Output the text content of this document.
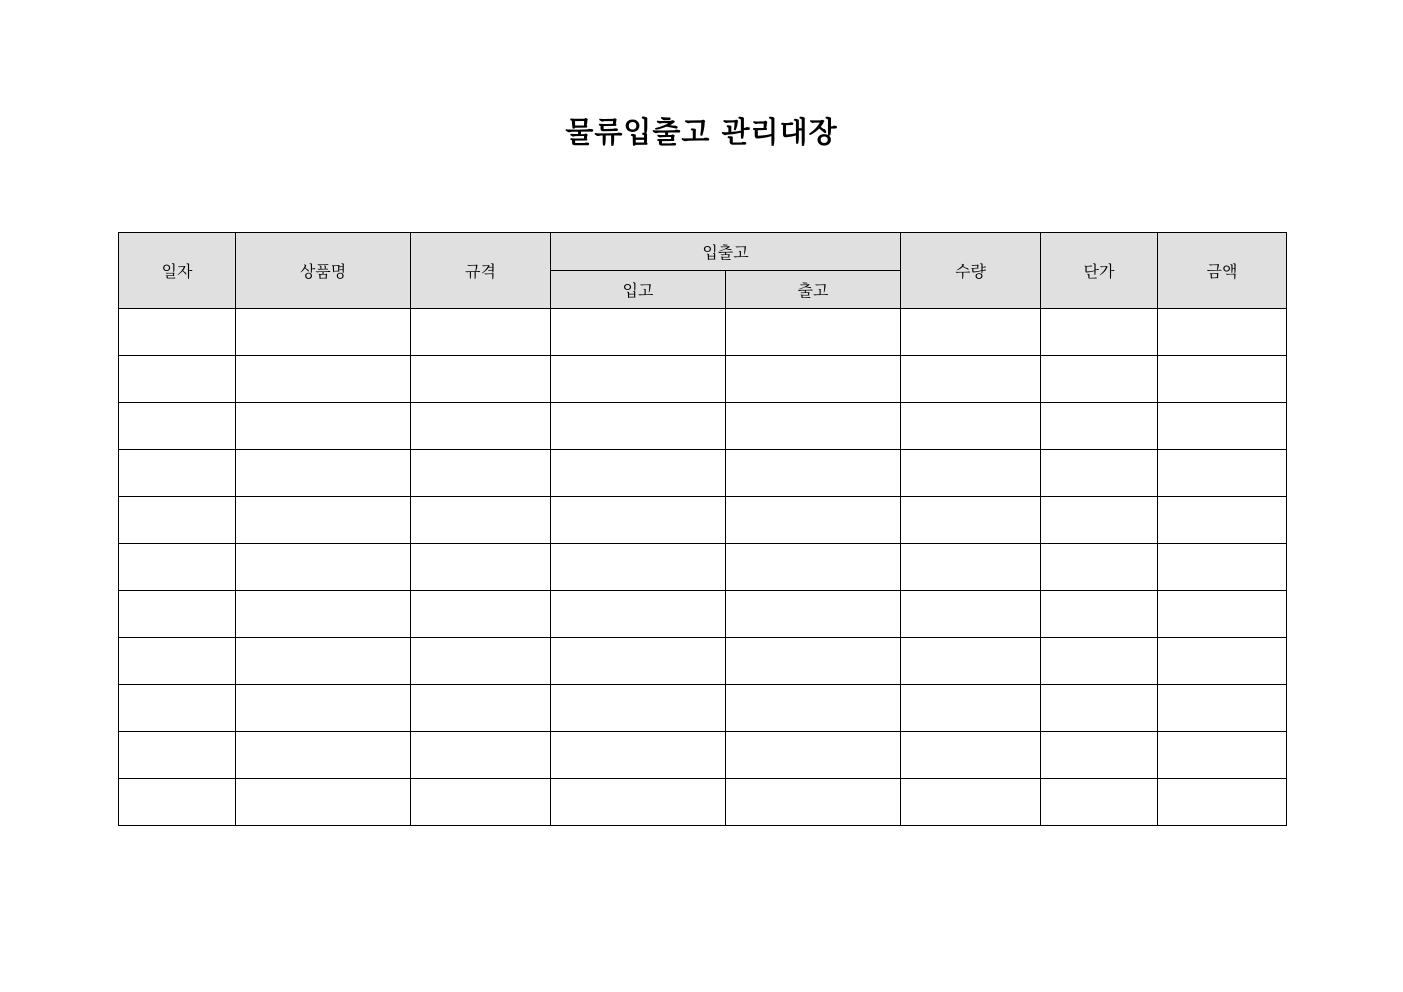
물류입출고 관리대장
일자	상품명	규격	입출고		수량	단가	금액
			입고	출고			
